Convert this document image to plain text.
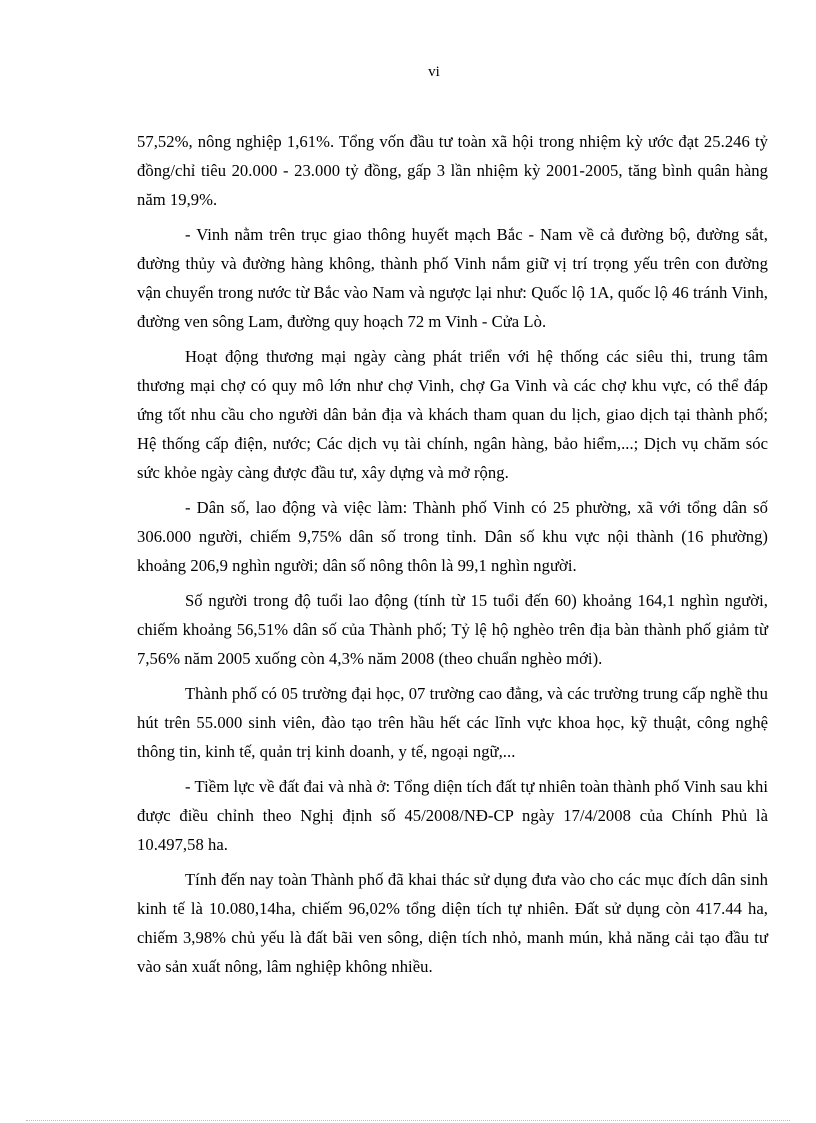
vi

57,52%, nông nghiệp 1,61%. Tổng vốn đầu tư toàn xã hội trong nhiệm kỳ ước đạt 25.246 tỷ đồng/chỉ tiêu 20.000 - 23.000 tỷ đồng, gấp 3 lần nhiệm kỳ 2001-2005, tăng bình quân hàng năm 19,9%.

- Vinh nằm trên trục giao thông huyết mạch Bắc - Nam về cả đường bộ, đường sắt, đường thủy và đường hàng không, thành phố Vinh nắm giữ vị trí trọng yếu trên con đường vận chuyển trong nước từ Bắc vào Nam và ngược lại như: Quốc lộ 1A, quốc lộ 46 tránh Vinh, đường ven sông Lam, đường quy hoạch 72 m Vinh - Cửa Lò.

Hoạt động thương mại ngày càng phát triển với hệ thống các siêu thi, trung tâm thương mại chợ có quy mô lớn như chợ Vinh, chợ Ga Vinh và các chợ khu vực, có thể đáp ứng tốt nhu cầu cho người dân bản địa và khách tham quan du lịch, giao dịch tại thành phố; Hệ thống cấp điện, nước; Các dịch vụ tài chính, ngân hàng, bảo hiểm,...; Dịch vụ chăm sóc sức khỏe ngày càng được đầu tư, xây dựng và mở rộng.

- Dân số, lao động và việc làm: Thành phố Vinh có 25 phường, xã với tổng dân số 306.000 người, chiếm 9,75% dân số trong tỉnh. Dân số khu vực nội thành (16 phường) khoảng 206,9 nghìn người; dân số nông thôn là 99,1 nghìn người.

Số người trong độ tuổi lao động (tính từ 15 tuổi đến 60) khoảng 164,1 nghìn người, chiếm khoảng 56,51% dân số của Thành phố; Tỷ lệ hộ nghèo trên địa bàn thành phố giảm từ 7,56% năm 2005 xuống còn 4,3% năm 2008 (theo chuẩn nghèo mới).

Thành phố có 05 trường đại học, 07 trường cao đẳng, và các trường trung cấp nghề thu hút trên 55.000 sinh viên, đào tạo trên hầu hết các lĩnh vực khoa học, kỹ thuật, công nghệ thông tin, kinh tế, quản trị kinh doanh, y tế, ngoại ngữ,...

- Tiềm lực về đất đai và nhà ở: Tổng diện tích đất tự nhiên toàn thành phố Vinh sau khi được điều chỉnh theo Nghị định số 45/2008/NĐ-CP ngày 17/4/2008 của Chính Phủ là 10.497,58 ha.

Tính đến nay toàn Thành phố đã khai thác sử dụng đưa vào cho các mục đích dân sinh kinh tế là 10.080,14ha, chiếm 96,02% tổng diện tích tự nhiên. Đất sử dụng còn 417.44 ha, chiếm 3,98% chủ yếu là đất bãi ven sông, diện tích nhỏ, manh mún, khả năng cải tạo đầu tư vào sản xuất nông, lâm nghiệp không nhiều.
